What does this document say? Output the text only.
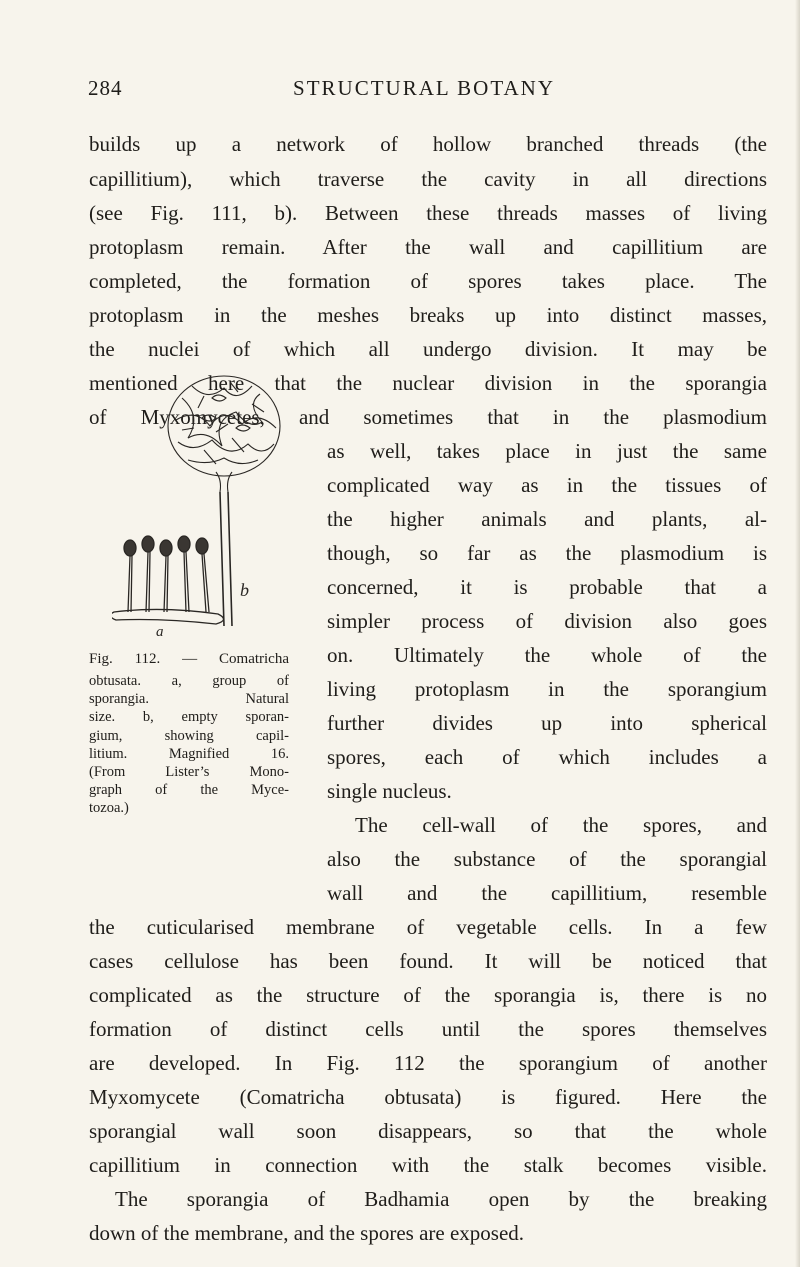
284	STRUCTURAL BOTANY
builds up a network of hollow branched threads (the
capillitium), which traverse the cavity in all directions
(see Fig. 111, b). Between these threads masses of living
protoplasm remain. After the wall and capillitium are
completed, the formation of spores takes place. The
protoplasm in the meshes breaks up into distinct masses,
the nuclei of which all undergo division. It may be
mentioned here that the nuclear division in the sporangia
of Myxomycetes, and sometimes that in the plasmodium
as well, takes place in just the same
complicated way as in the tissues of
the higher animals and plants, al-
though, so far as the plasmodium is
concerned, it is probable that a
simpler process of division also goes
on. Ultimately the whole of the
living protoplasm in the sporangium
further divides up into spherical
spores, each of which includes a
single nucleus.
The cell-wall of the spores, and
also the substance of the sporangial
wall and the capillitium, resemble
the cuticularised membrane of vegetable cells. In a few
cases cellulose has been found. It will be noticed that
complicated as the structure of the sporangia is, there is no
formation of distinct cells until the spores themselves
are developed. In Fig. 112 the sporangium of another
Myxomycete (Comatricha obtusata) is figured. Here the
sporangial wall soon disappears, so that the whole
capillitium in connection with the stalk becomes visible.
The sporangia of Badhamia open by the breaking
down of the membrane, and the spores are exposed.
a
b
Fig. 112. — Comatricha
obtusata. a, group of
sporangia. Natural
size. b, empty sporan-
gium, showing capil-
litium. Magnified 16.
(From Lister’s Mono-
graph of the Myce-
tozoa.)
